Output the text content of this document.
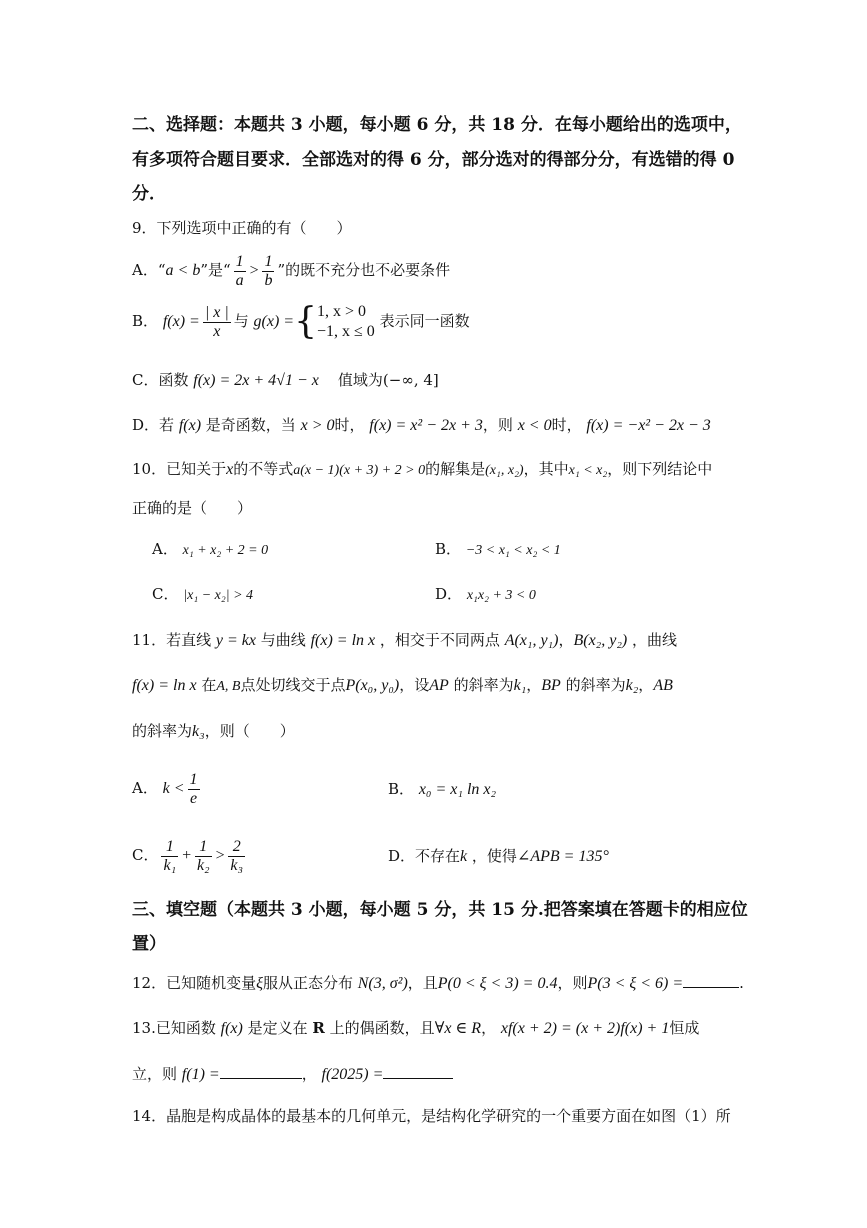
二、选择题：本题共 3 小题，每小题 6 分，共 18 分．在每小题给出的选项中，
有多项符合题目要求．全部选对的得 6 分，部分选对的得部分分，有选错的得 0
分．
9．下列选项中正确的有（　　）
A．“a < b”是“ $\frac{1}{a} > \frac{1}{b}$ ”的既不充分也不必要条件
B． $f(x) = \frac{| x |}{x}$ 与 g(x) ={ 1, x > 0
−1, x ≤ 0
表示同一函数
C．函数 f(x) = 2x + 4√1 − x 值域为(−∞, 4]
D．若 f(x) 是奇函数，当 x > 0时， f(x) = x² − 2x + 3，则 x < 0时， f(x) = −x² − 2x − 3
10．已知关于x的不等式a(x − 1)(x + 3) + 2 > 0的解集是(x₁, x₂)，其中x₁ < x₂，则下列结论中
正确的是（　　）
A． x₁ + x₂ + 2 = 0	B． −3 < x₁ < x₂ < 1
C． |x₁ − x₂| > 4	D． x₁x₂ + 3 < 0
11．若直线 y = kx 与曲线 f(x) = ln x ，相交于不同两点 A(x₁, y₁)，B(x₂, y₂) ，曲线
f(x) = ln x 在A, B点处切线交于点P(x₀, y₀)，设AP 的斜率为k₁，BP 的斜率为k₂，AB
的斜率为k₃，则（　　）
A． $k < \frac{1}{e}$	B． x₀ = x₁ ln x₂
C． $\frac{1}{\text{k₁}} + \frac{1}{\text{k₂}} > \frac{2}{\text{k₃}}$	D．不存在k ，使得∠APB = 135°
三、填空题（本题共 3 小题，每小题 5 分，共 15 分.把答案填在答题卡的相应位
置）
12．已知随机变量ξ服从正态分布 N(3, σ²)，且P(0 < ξ < 3) = 0.4，则P(3 < ξ < 6) =	.
13.已知函数 f(x) 是定义在 R 上的偶函数，且∀x ∈ R， xf(x + 2) = (x + 2)f(x) + 1恒成
立，则 f(1) =	， f(2025) =
14．晶胞是构成晶体的最基本的几何单元，是结构化学研究的一个重要方面在如图（1）所
